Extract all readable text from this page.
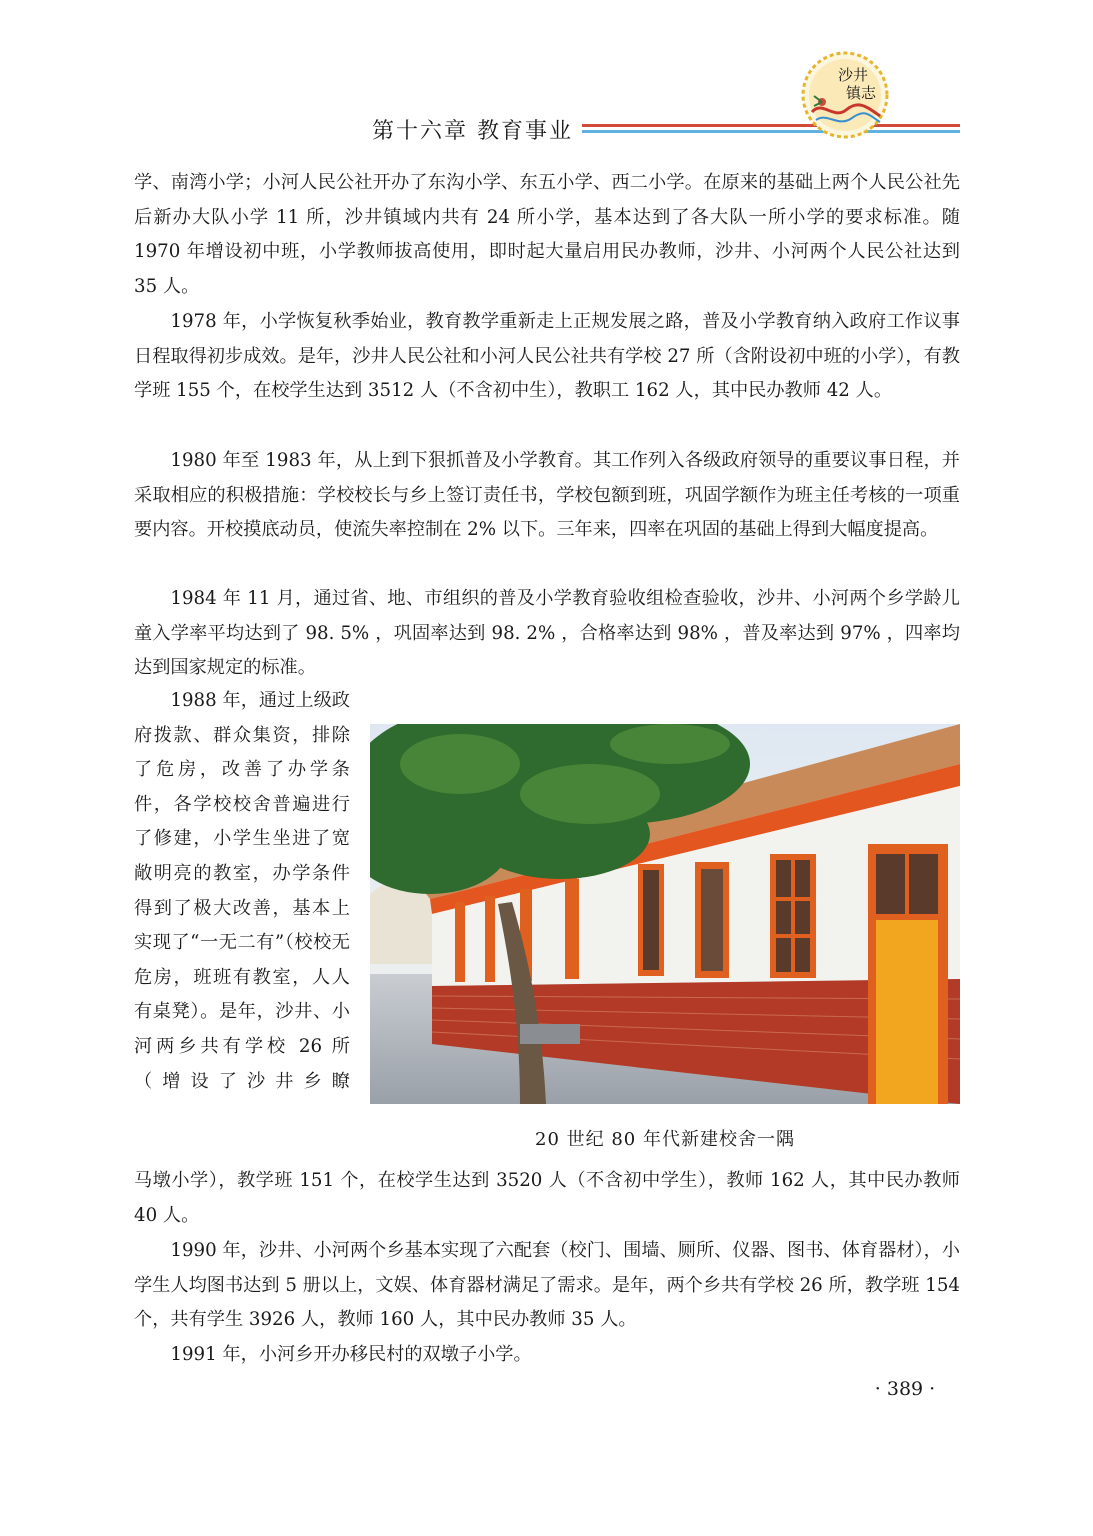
第十六章 教育事业
沙井
镇志

学、南湾小学；小河人民公社开办了东沟小学、东五小学、西二小学。在原来的基础上两个人民公社先后新办大队小学 11 所，沙井镇域内共有 24 所小学，基本达到了各大队一所小学的要求标准。随 1970 年增设初中班，小学教师拔高使用，即时起大量启用民办教师，沙井、小河两个人民公社达到 35 人。

1978 年，小学恢复秋季始业，教育教学重新走上正规发展之路，普及小学教育纳入政府工作议事日程取得初步成效。是年，沙井人民公社和小河人民公社共有学校 27 所（含附设初中班的小学），有教学班 155 个，在校学生达到 3512 人（不含初中生），教职工 162 人，其中民办教师 42 人。

1980 年至 1983 年，从上到下狠抓普及小学教育。其工作列入各级政府领导的重要议事日程，并采取相应的积极措施：学校校长与乡上签订责任书，学校包额到班，巩固学额作为班主任考核的一项重要内容。开校摸底动员，使流失率控制在 2% 以下。三年来，四率在巩固的基础上得到大幅度提高。

1984 年 11 月，通过省、地、市组织的普及小学教育验收组检查验收，沙井、小河两个乡学龄儿童入学率平均达到了 98. 5% ，巩固率达到 98. 2% ，合格率达到 98% ，普及率达到 97% ，四率均达到国家规定的标准。

1988 年，通过上级政府拨款、群众集资，排除了危房，改善了办学条件，各学校校舍普遍进行了修建，小学生坐进了宽敞明亮的教室，办学条件得到了极大改善，基本上实现了“一无二有”（校校无危房，班班有教室，人人有桌凳）。是年，沙井、小河两乡共有学校 26 所（增设了沙井乡瞭

20 世纪 80 年代新建校舍一隅

马墩小学），教学班 151 个，在校学生达到 3520 人（不含初中学生），教师 162 人，其中民办教师 40 人。

1990 年，沙井、小河两个乡基本实现了六配套（校门、围墙、厕所、仪器、图书、体育器材），小学生人均图书达到 5 册以上，文娱、体育器材满足了需求。是年，两个乡共有学校 26 所，教学班 154 个，共有学生 3926 人，教师 160 人，其中民办教师 35 人。

1991 年，小河乡开办移民村的双墩子小学。

· 389 ·
